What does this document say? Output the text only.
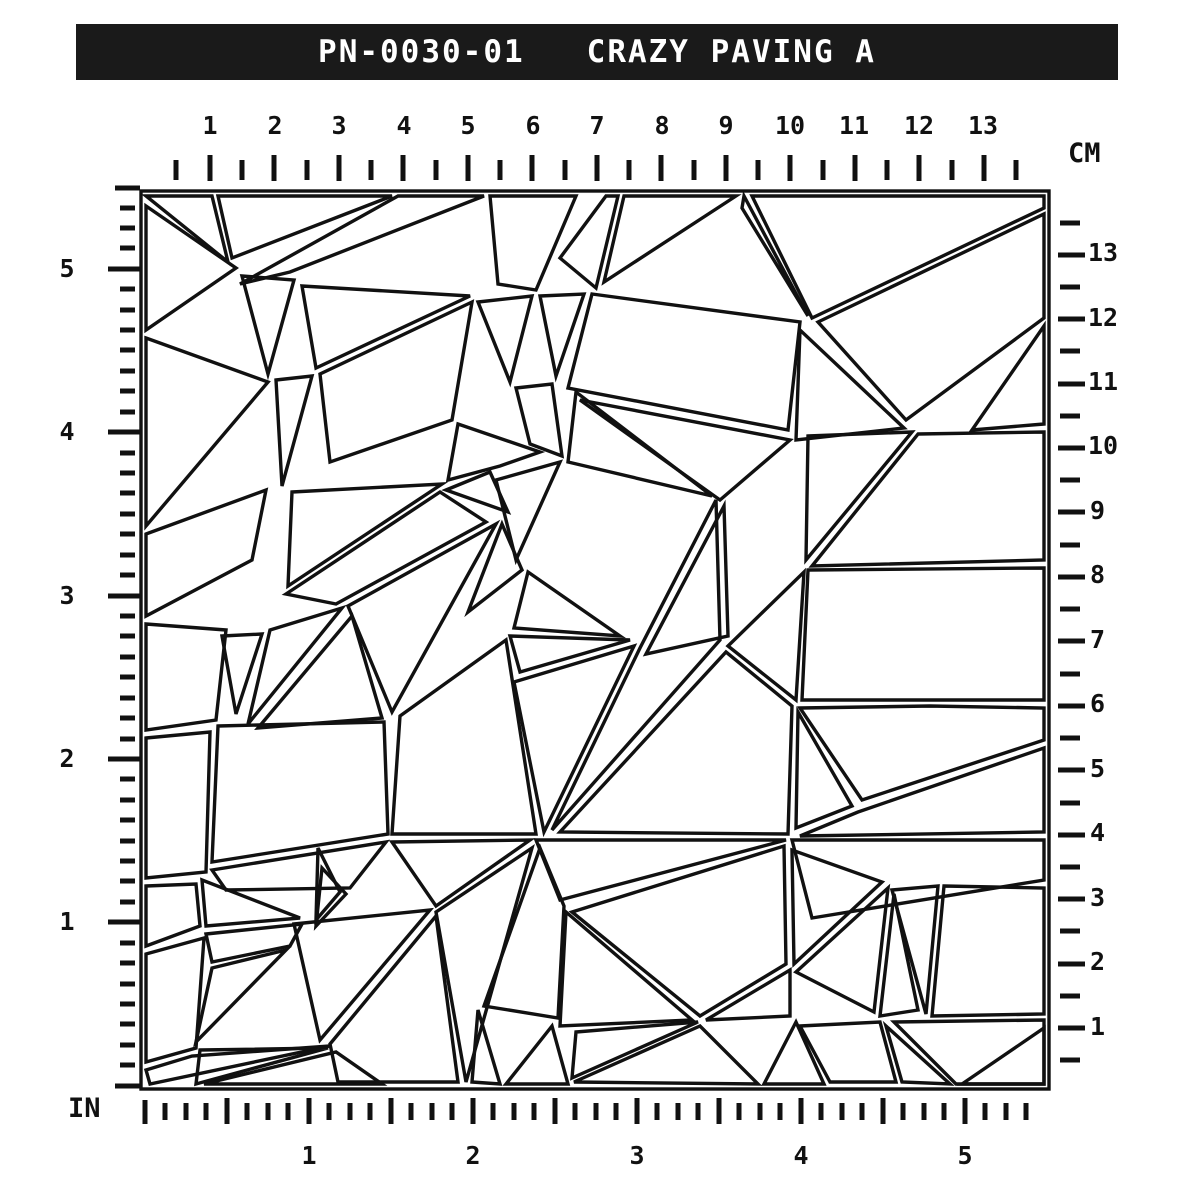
PN-0030-01   CRAZY PAVING A
1 2 3 4 5 6 7 8 9 10 11 12 13
CM
13
12
11
10
9
8
7
6
5
4
3
2
1
5
4
3
2
1
IN
1	2	3	4	5
